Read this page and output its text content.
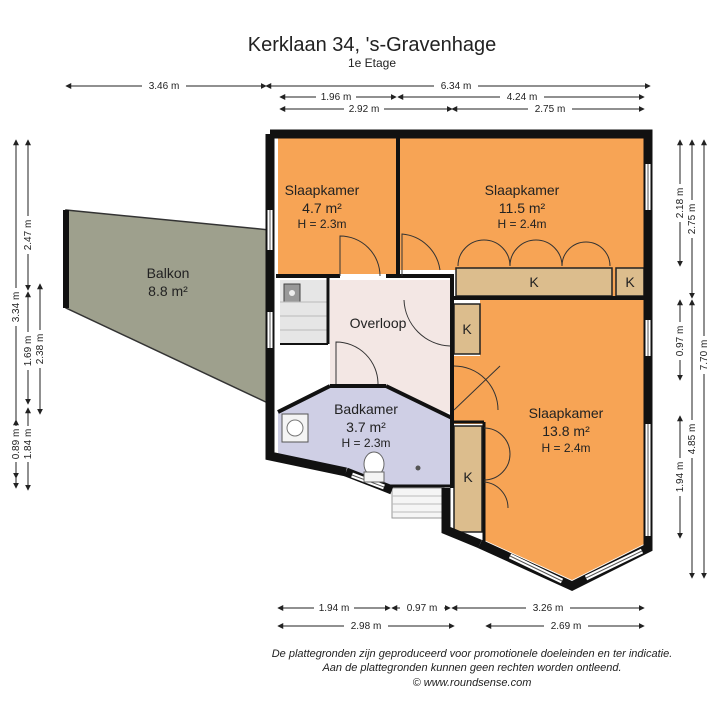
Kerklaan 34, 's-Gravenhage
1e Etage
K	K
K
K
Balkon
8.8 m²
Slaapkamer
4.7 m²
H = 2.3m
Slaapkamer
11.5 m²
H = 2.4m
Slaapkamer
13.8 m²
H = 2.4m
Overloop
Badkamer
3.7 m²
H = 2.3m
3.46 m	6.34 m
1.96 m	4.24 m
2.92 m	2.75 m
3.34 m
2.47 m
1.69 m 2.38 m
0.89 m 1.84 m
2.18 m
2.75 m
0.97 m 7.70 m
4.85 m
1.94 m
1.94 m	0.97 m	3.26 m
2.98 m	2.69 m
De plattegronden zijn geproduceerd voor promotionele doeleinden en ter indicatie.
Aan de plattegronden kunnen geen rechten worden ontleend.
© www.roundsense.com
